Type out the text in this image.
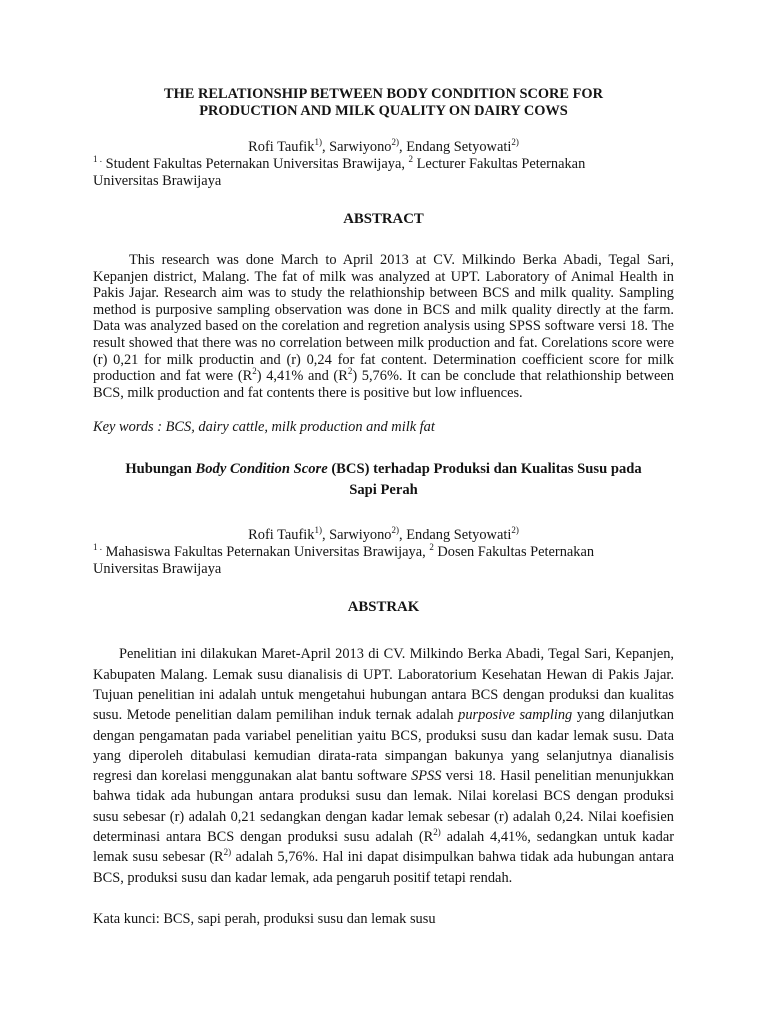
THE RELATIONSHIP BETWEEN BODY CONDITION SCORE FOR
PRODUCTION AND MILK QUALITY ON DAIRY COWS

Rofi Taufik$^{1)}$, Sarwiyono$^{2)}$, Endang Setyowati$^{2)}$

$^{1 .}$ Student Fakultas Peternakan Universitas Brawijaya, $^2$ Lecturer Fakultas Peternakan
Universitas Brawijaya

ABSTRACT

This research was done March to April 2013 at CV. Milkindo Berka Abadi, Tegal Sari, Kepanjen district, Malang. The fat of milk was analyzed at UPT. Laboratory of Animal Health in Pakis Jajar. Research aim was to study the relathionship between BCS and milk quality. Sampling method is purposive sampling observation was done in BCS and milk quality directly at the farm. Data was analyzed based on the corelation and regretion analysis using SPSS software versi 18. The result showed that there was no correlation between milk production and fat. Corelations score were (r) 0,21 for milk productin and (r) 0,24 for fat content. Determination coefficient score for milk production and fat were $(R^2)$ 4,41% and $(R^2)$ 5,76%. It can be conclude that relathionship between BCS, milk production and fat contents there is positive but low influences.

Key words : BCS, dairy cattle, milk production and milk fat

Hubungan Body Condition Score (BCS) terhadap Produksi dan Kualitas Susu pada
Sapi Perah

Rofi Taufik$^{1)}$, Sarwiyono$^{2)}$, Endang Setyowati$^{2)}$

$^{1 .}$ Mahasiswa Fakultas Peternakan Universitas Brawijaya, $^2$ Dosen Fakultas Peternakan
Universitas Brawijaya

ABSTRAK

Penelitian ini dilakukan Maret-April 2013 di CV. Milkindo Berka Abadi, Tegal Sari, Kepanjen, Kabupaten Malang. Lemak susu dianalisis di UPT. Laboratorium Kesehatan Hewan di Pakis Jajar. Tujuan penelitian ini adalah untuk mengetahui hubungan antara BCS dengan produksi dan kualitas susu. Metode penelitian dalam pemilihan induk ternak adalah purposive sampling yang dilanjutkan dengan pengamatan pada variabel penelitian yaitu BCS, produksi susu dan kadar lemak susu. Data yang diperoleh ditabulasi kemudian dirata-rata simpangan bakunya yang selanjutnya dianalisis regresi dan korelasi menggunakan alat bantu software SPSS versi 18. Hasil penelitian menunjukkan bahwa tidak ada hubungan antara produksi susu dan lemak. Nilai korelasi BCS dengan produksi susu sebesar (r) adalah 0,21 sedangkan dengan kadar lemak sebesar (r) adalah 0,24. Nilai koefisien determinasi antara BCS dengan produksi susu adalah ($R^{2)}$ adalah 4,41%, sedangkan untuk kadar lemak susu sebesar ($R^{2)}$ adalah 5,76%. Hal ini dapat disimpulkan bahwa tidak ada hubungan antara BCS, produksi susu dan kadar lemak, ada pengaruh positif tetapi rendah.

Kata kunci: BCS, sapi perah, produksi susu dan lemak susu
